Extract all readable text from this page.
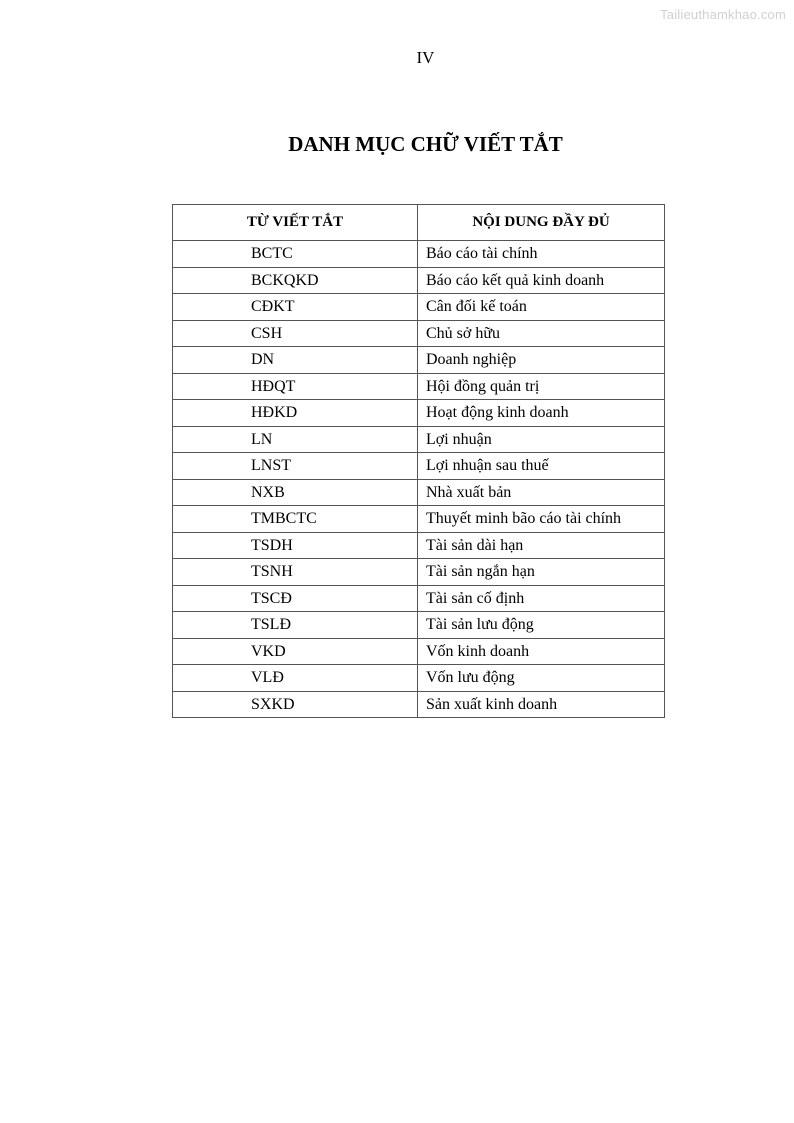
Tailieuthamkhao.com
IV
DANH MỤC CHỮ VIẾT TẮT
TỪ VIẾT TẮT	NỘI DUNG ĐẦY ĐỦ
BCTC	Báo cáo tài chính
BCKQKD	Báo cáo kết quả kinh doanh
CĐKT	Cân đối kế toán
CSH	Chủ sở hữu
DN	Doanh nghiệp
HĐQT	Hội đồng quản trị
HĐKD	Hoạt động kinh doanh
LN	Lợi nhuận
LNST	Lợi nhuận sau thuế
NXB	Nhà xuất bản
TMBCTC	Thuyết minh bão cáo tài chính
TSDH	Tài sản dài hạn
TSNH	Tài sản ngắn hạn
TSCĐ	Tài sản cố định
TSLĐ	Tài sản lưu động
VKD	Vốn kinh doanh
VLĐ	Vốn lưu động
SXKD	Sản xuất kinh doanh
